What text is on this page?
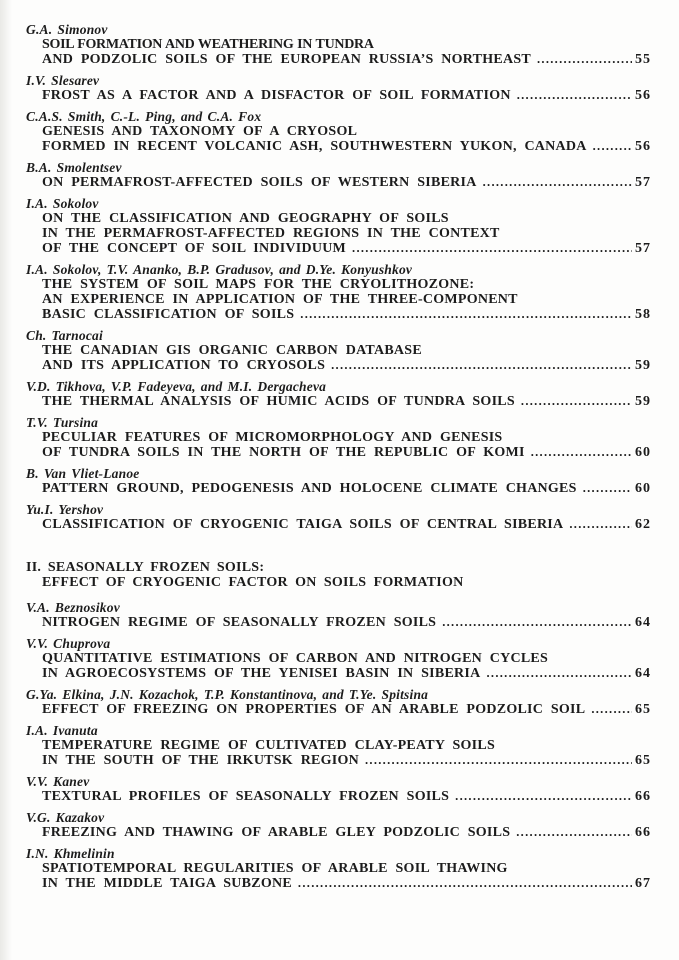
G.A. Simonov
SOIL FORMATION AND WEATHERING IN TUNDRA
AND PODZOLIC SOILS OF THE EUROPEAN RUSSIA’S NORTHEAST .....	55
I.V. Slesarev
FROST AS A FACTOR AND A DISFACTOR OF SOIL FORMATION .....	56
C.A.S. Smith, C.-L. Ping, and C.A. Fox
GENESIS AND TAXONOMY OF A CRYOSOL
FORMED IN RECENT VOLCANIC ASH, SOUTHWESTERN YUKON, CANADA .....	56
B.A. Smolentsev
ON PERMAFROST-AFFECTED SOILS OF WESTERN SIBERIA .....	57
I.A. Sokolov
ON THE CLASSIFICATION AND GEOGRAPHY OF SOILS
IN THE PERMAFROST-AFFECTED REGIONS IN THE CONTEXT
OF THE CONCEPT OF SOIL INDIVIDUUM .....	57
I.A. Sokolov, T.V. Ananko, B.P. Gradusov, and D.Ye. Konyushkov
THE SYSTEM OF SOIL MAPS FOR THE CRYOLITHOZONE:
AN EXPERIENCE IN APPLICATION OF THE THREE-COMPONENT
BASIC CLASSIFICATION OF SOILS .....	58
Ch. Tarnocai
THE CANADIAN GIS ORGANIC CARBON DATABASE
AND ITS APPLICATION TO CRYOSOLS .....	59
V.D. Tikhova, V.P. Fadeyeva, and M.I. Dergacheva
THE THERMAL ANALYSIS OF HUMIC ACIDS OF TUNDRA SOILS .....	59
T.V. Tursina
PECULIAR FEATURES OF MICROMORPHOLOGY AND GENESIS
OF TUNDRA SOILS IN THE NORTH OF THE REPUBLIC OF KOMI .....	60
B. Van Vliet-Lanoe
PATTERN GROUND, PEDOGENESIS AND HOLOCENE CLIMATE CHANGES .....	60
Yu.I. Yershov
CLASSIFICATION OF CRYOGENIC TAIGA SOILS OF CENTRAL SIBERIA .....	62
II. SEASONALLY FROZEN SOILS:
EFFECT OF CRYOGENIC FACTOR ON SOILS FORMATION
V.A. Beznosikov
NITROGEN REGIME OF SEASONALLY FROZEN SOILS .....	64
V.V. Chuprova
QUANTITATIVE ESTIMATIONS OF CARBON AND NITROGEN CYCLES
IN AGROECOSYSTEMS OF THE YENISEI BASIN IN SIBERIA .....	64
G.Ya. Elkina, J.N. Kozachok, T.P. Konstantinova, and T.Ye. Spitsina
EFFECT OF FREEZING ON PROPERTIES OF AN ARABLE PODZOLIC SOIL .....	65
I.A. Ivanuta
TEMPERATURE REGIME OF CULTIVATED CLAY-PEATY SOILS
IN THE SOUTH OF THE IRKUTSK REGION .....	65
V.V. Kanev
TEXTURAL PROFILES OF SEASONALLY FROZEN SOILS .....	66
V.G. Kazakov
FREEZING AND THAWING OF ARABLE GLEY PODZOLIC SOILS .....	66
I.N. Khmelinin
SPATIOTEMPORAL REGULARITIES OF ARABLE SOIL THAWING
IN THE MIDDLE TAIGA SUBZONE .....	67
